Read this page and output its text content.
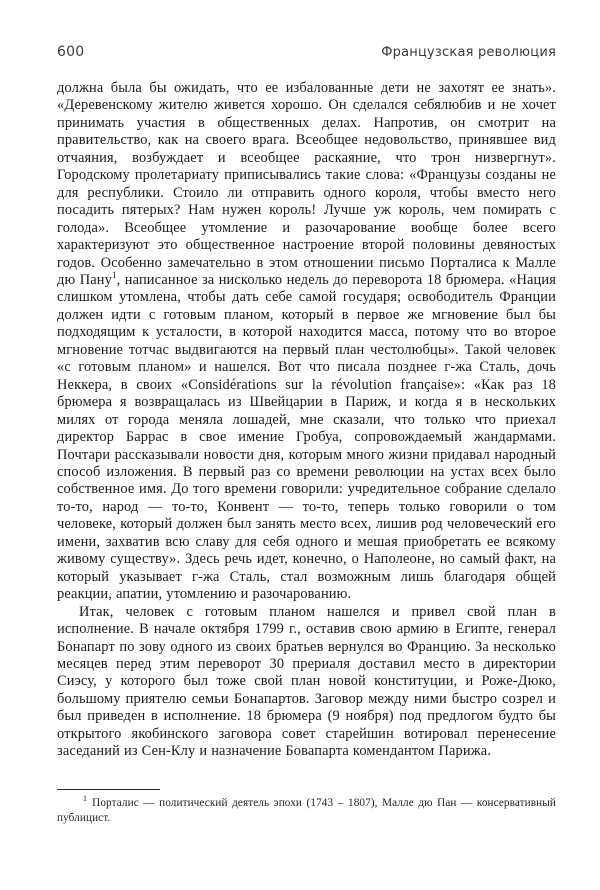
600	Французская революция

должна была бы ожидать, что ее избалованные дети не захотят ее знать». «Деревенскому жителю живется хорошо. Он сделался себялюбив и не хочет принимать участия в общественных делах. Напротив, он смотрит на правительство, как на своего врага. Всеобщее недовольство, принявшее вид отчаяния, возбуждает и всеобщее раскаяние, что трон низвергнут». Городскому пролетариату приписывались такие слова: «Французы созданы не для республики. Стоило ли отправить одного короля, чтобы вместо него посадить пятерых? Нам нужен король! Лучше уж король, чем помирать с голода». Всеобщее утомление и разочарование вообще более всего характеризуют это общественное настроение второй половины девяностых годов. Особенно замечательно в этом отношении письмо Порталиса к Малле дю Пану$^1$, написанное за нисколько недель до переворота 18 брюмера. «Нация слишком утомлена, чтобы дать себе самой государя; освободитель Франции должен идти с готовым планом, который в первое же мгновение был бы подходящим к усталости, в которой находится масса, потому что во второе мгновение тотчас выдвигаются на первый план честолюбцы». Такой человек «с готовым планом» и нашелся. Вот что писала позднее г-жа Сталь, дочь Неккера, в своих «Considérations sur la révolution française»: «Как раз 18 брюмера я возвращалась из Швейцарии в Париж, и когда я в нескольких милях от города меняла лошадей, мне сказали, что только что приехал директор Баррас в свое имение Гробуа, сопровождаемый жандармами. Почтари рассказывали новости дня, которым много жизни придавал народный способ изложения. В первый раз со времени революции на устах всех было собственное имя. До того времени говорили: учредительное собрание сделало то-то, народ — то-то, Конвент — то-то, теперь только говорили о том человеке, который должен был занять место всех, лишив род человеческий его имени, захватив всю славу для себя одного и мешая приобретать ее всякому живому существу». Здесь речь идет, конечно, о Наполеоне, но самый факт, на который указывает г-жа Сталь, стал возможным лишь благодаря общей реакции, апатии, утомлению и разочарованию.

Итак, человек с готовым планом нашелся и привел свой план в исполнение. В начале октября 1799 г., оставив свою армию в Египте, генерал Бонапарт по зову одного из своих братьев вернулся во Францию. За несколько месяцев перед этим переворот 30 прериаля доставил место в директории Сиэсу, у которого был тоже свой план новой конституции, и Роже-Дюко, большому приятелю семьи Бонапартов. Заговор между ними быстро созрел и был приведен в исполнение. 18 брюмера (9 ноября) под предлогом будто бы открытого якобинского заговора совет старейшин вотировал перенесение заседаний из Сен-Клу и назначение Бовапарта комендантом Парижа.

$^1$ Порталис — политический деятель эпохи (1743 – 1807), Малле дю Пан — консервативный публицист.
